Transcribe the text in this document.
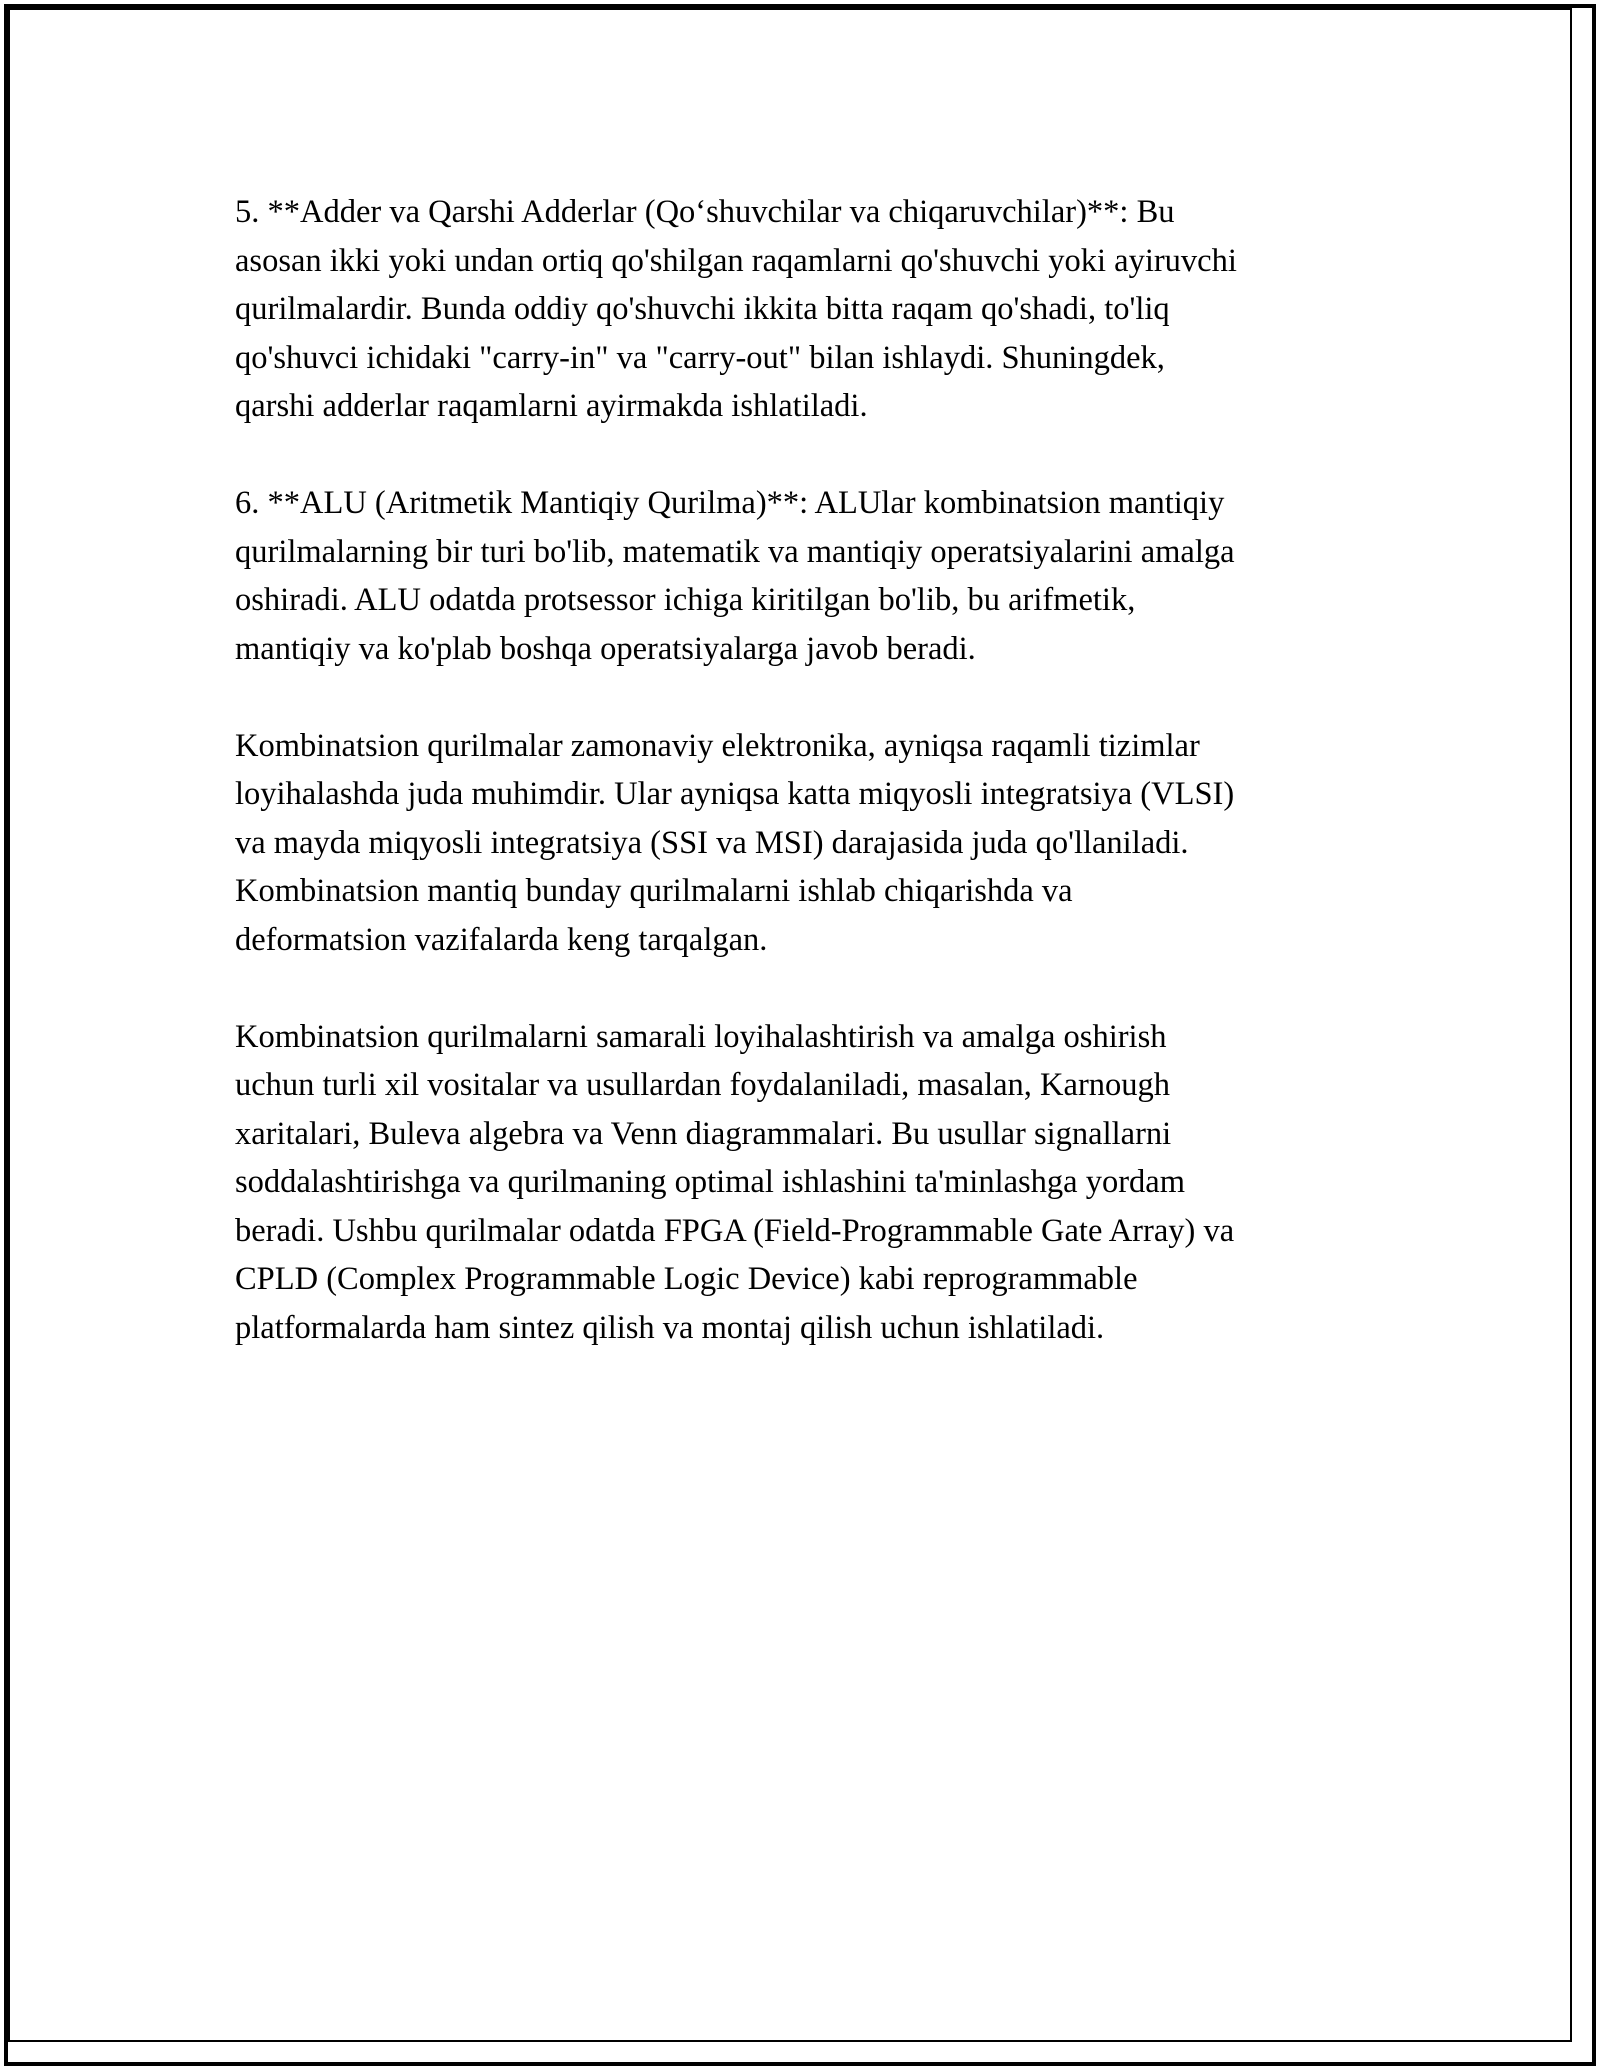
5. **Adder va Qarshi Adderlar (Qo‘shuvchilar va chiqaruvchilar)**: Bu
asosan ikki yoki undan ortiq qo'shilgan raqamlarni qo'shuvchi yoki ayiruvchi
qurilmalardir. Bunda oddiy qo'shuvchi ikkita bitta raqam qo'shadi, to'liq
qo'shuvci ichidaki "carry-in" va "carry-out" bilan ishlaydi. Shuningdek,
qarshi adderlar raqamlarni ayirmakda ishlatiladi.

6. **ALU (Aritmetik Mantiqiy Qurilma)**: ALUlar kombinatsion mantiqiy
qurilmalarning bir turi bo'lib, matematik va mantiqiy operatsiyalarini amalga
oshiradi. ALU odatda protsessor ichiga kiritilgan bo'lib, bu arifmetik,
mantiqiy va ko'plab boshqa operatsiyalarga javob beradi.

Kombinatsion qurilmalar zamonaviy elektronika, ayniqsa raqamli tizimlar
loyihalashda juda muhimdir. Ular ayniqsa katta miqyosli integratsiya (VLSI)
va mayda miqyosli integratsiya (SSI va MSI) darajasida juda qo'llaniladi.
Kombinatsion mantiq bunday qurilmalarni ishlab chiqarishda va
deformatsion vazifalarda keng tarqalgan.

Kombinatsion qurilmalarni samarali loyihalashtirish va amalga oshirish
uchun turli xil vositalar va usullardan foydalaniladi, masalan, Karnough
xaritalari, Buleva algebra va Venn diagrammalari. Bu usullar signallarni
soddalashtirishga va qurilmaning optimal ishlashini ta'minlashga yordam
beradi. Ushbu qurilmalar odatda FPGA (Field-Programmable Gate Array) va
CPLD (Complex Programmable Logic Device) kabi reprogrammable
platformalarda ham sintez qilish va montaj qilish uchun ishlatiladi.
